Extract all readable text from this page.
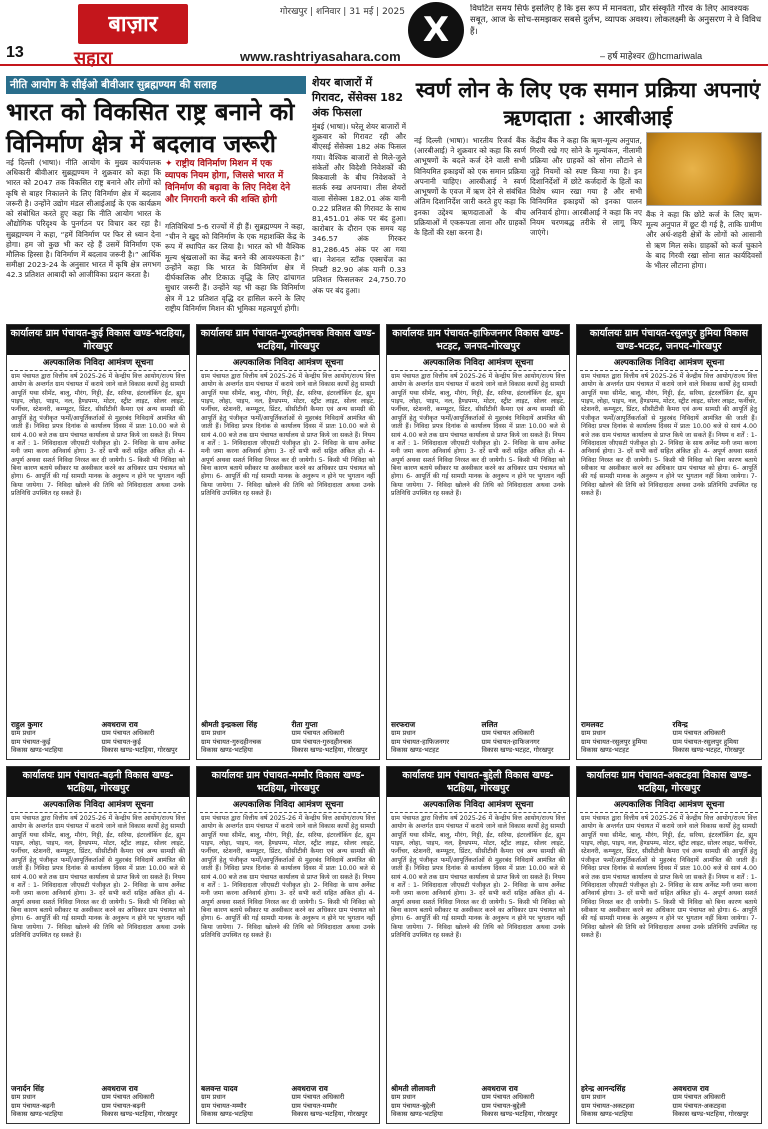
13
बाज़ार	गोरखपुर | शनिवार | 31 मई | 2025
सहारा	www.rashtriyasahara.com
X
विघटित समय सिर्फ इसलिए है कि इस रूप में मानवता, प्रौर संस्कृति गौरव के लिए आवश्यक सबूत, आज के सोच-समझकर सबसे दुर्लभ, व्यापक अवश्य। लोकलक्ष्मी के अनुसरण ने वे विविध हैं।
– हर्ष माहेश्वर @hcmariwala
नीति आयोग के सीईओ बीवीआर सुब्रह्मण्यम की सलाह
भारत को विकसित राष्ट्र बनाने को विनिर्माण क्षेत्र में बदलाव जरूरी
नई दिल्ली (भाषा)। नीति आयोग के मुख्य कार्यपालक अधिकारी बीवीआर सुब्रह्मण्यम ने शुक्रवार को कहा कि भारत को 2047 तक विकसित राष्ट्र बनाने और लोगों को कृषि से बाहर निकालने के लिए विनिर्माण क्षेत्र में बदलाव जरूरी है। उन्होंने उद्योग मंडल सीआईआई के एक कार्यक्रम को संबोधित करते हुए कहा कि नीति आयोग भारत के औद्योगिक परिदृश्य के पुनर्गठन पर विचार कर रहा है। सुब्रह्मण्यम ने कहा, “हमें विनिर्माण पर फिर से ध्यान देना होगा। हम जो कुछ भी कर रहे हैं उसमें विनिर्माण एक मौलिक हिस्सा है। विनिर्माण में बदलाव जरूरी है।” आर्थिक समीक्षा 2023-24 के अनुसार भारत में कृषि क्षेत्र लगभग 42.3 प्रतिशत आबादी को आजीविका प्रदान करता है।
✦ राष्ट्रीय विनिर्माण मिशन में एक व्यापक नियम होगा, जिससे भारत में विनिर्माण की बढ़ावा के लिए निदेश देने और निगरानी करने की शक्ति होगी
गतिविधियां 5-6 राज्यों में ही हैं। सुब्रह्मण्यम ने कहा, “चीन ने खुद को विनिर्माण के एक महाशक्ति केंद्र के रूप में स्थापित कर लिया है। भारत को भी वैश्विक मूल्य श्रृंखलाओं का केंद्र बनने की आवश्यकता है।” उन्होंने कहा कि भारत के विनिर्माण क्षेत्र में दीर्घकालिक और टिकाऊ वृद्धि के लिए ढांचागत सुधार जरूरी हैं। उन्होंने यह भी कहा कि विनिर्माण क्षेत्र में 12 प्रतिशत वृद्धि दर हासिल करने के लिए राष्ट्रीय विनिर्माण मिशन की भूमिका महत्वपूर्ण होगी।
शेयर बाजारों में गिरावट, सेंसेक्स 182 अंक फिसला
मुंबई (भाषा)। घरेलू शेयर बाजारों में शुक्रवार को गिरावट रही और बीएसई सेंसेक्स 182 अंक फिसल गया। वैश्विक बाजारों से मिले-जुले संकेतों और विदेशी निवेशकों की बिकवाली के बीच निवेशकों ने सतर्क रुख अपनाया। तीस शेयरों वाला सेंसेक्स 182.01 अंक यानी 0.22 प्रतिशत की गिरावट के साथ 81,451.01 अंक पर बंद हुआ। कारोबार के दौरान एक समय यह 346.57 अंक गिरकर 81,286.45 अंक पर आ गया था। नेशनल स्टॉक एक्सचेंज का निफ्टी 82.90 अंक यानी 0.33 प्रतिशत फिसलकर 24,750.70 अंक पर बंद हुआ।
स्वर्ण लोन के लिए एक समान प्रक्रिया अपनाएं ऋणदाता : आरबीआई
नई दिल्ली (भाषा)। भारतीय रिजर्व बैंक (आरबीआई) ने शुक्रवार को कहा कि स्वर्ण आभूषणों के बदले कर्ज देने वाली सभी विनियमित इकाइयों को एक समान प्रक्रिया अपनानी चाहिए। आरबीआई ने स्वर्ण आभूषणों के एवज में ऋण देने से संबंधित अंतिम दिशानिर्देश जारी करते हुए कहा कि इनका उद्देश्य ऋणदाताओं के बीच प्रक्रियाओं में एकरूपता लाना और ग्राहकों के हितों की रक्षा करना है।
केंद्रीय बैंक ने कहा कि ऋण-मूल्य अनुपात, गिरवी रखे गए सोने के मूल्यांकन, नीलामी प्रक्रिया और ग्राहकों को सोना लौटाने से जुड़े नियमों को स्पष्ट किया गया है। इन दिशानिर्देशों में छोटे कर्जदारों के हितों का विशेष ध्यान रखा गया है और सभी विनियमित इकाइयों को इनका पालन अनिवार्य होगा। आरबीआई ने कहा कि नए नियम चरणबद्ध तरीके से लागू किए जाएंगे।
बैंक ने कहा कि छोटे कर्ज के लिए ऋण-मूल्य अनुपात में छूट दी गई है, ताकि ग्रामीण और अर्ध-शहरी क्षेत्रों के लोगों को आसानी से ऋण मिल सके। ग्राहकों को कर्ज चुकाने के बाद गिरवी रखा सोना सात कार्यदिवसों के भीतर लौटाना होगा।
कार्यालयः ग्राम पंचायत-कुई विकास खण्ड-भटहिया, गोरखपुर
अल्पकालिक निविदा आमंत्रण सूचना
ग्राम पंचायत द्वारा वित्तीय वर्ष 2025-26 में केन्द्रीय वित्त आयोग/राज्य वित्त आयोग के अन्तर्गत ग्राम पंचायत में कराये जाने वाले विकास कार्यों हेतु सामग्री आपूर्ति यथा सीमेंट, बालू, मौरंग, गिट्टी, ईंट, सरिया, इंटरलॉकिंग ईंट, ह्यूम पाइप, लोहा, पाइप, नल, हैण्डपम्प, मोटर, स्ट्रीट लाइट, सोलर लाइट, फर्नीचर, स्टेशनरी, कम्प्यूटर, प्रिंटर, सीसीटीवी कैमरा एवं अन्य सामग्री की आपूर्ति हेतु पंजीकृत फर्मों/आपूर्तिकर्ताओं से मुहरबंद निविदायें आमंत्रित की जाती हैं। निविदा प्रपत्र दिनांक से कार्यालय दिवस में प्रातः 10.00 बजे से सायं 4.00 बजे तक ग्राम पंचायत कार्यालय से प्राप्त किये जा सकते हैं। नियम व शर्तें : 1- निविदादाता जीएसटी पंजीकृत हो। 2- निविदा के साथ अर्नेस्ट मनी जमा करना अनिवार्य होगा। 3- दरें सभी करों सहित अंकित हों। 4- अपूर्ण अथवा सशर्त निविदा निरस्त कर दी जायेगी। 5- किसी भी निविदा को बिना कारण बताये स्वीकार या अस्वीकार करने का अधिकार ग्राम पंचायत को होगा। 6- आपूर्ति की गई सामग्री मानक के अनुरूप न होने पर भुगतान नहीं किया जायेगा। 7- निविदा खोलने की तिथि को निविदादाता अथवा उनके प्रतिनिधि उपस्थित रह सकते हैं।
राहुल कुमार
ग्राम प्रधान
ग्राम पंचायत-कुई
विकास खण्ड-भटहिया
अवधराज राव
ग्राम पंचायत अधिकारी
ग्राम पंचायत-कुई
विकास खण्ड-भटहिया, गोरखपुर
कार्यालयः ग्राम पंचायत-गुरुदहीनचक विकास खण्ड-भटहिया, गोरखपुर
अल्पकालिक निविदा आमंत्रण सूचना
ग्राम पंचायत द्वारा वित्तीय वर्ष 2025-26 में केन्द्रीय वित्त आयोग/राज्य वित्त आयोग के अन्तर्गत ग्राम पंचायत में कराये जाने वाले विकास कार्यों हेतु सामग्री आपूर्ति यथा सीमेंट, बालू, मौरंग, गिट्टी, ईंट, सरिया, इंटरलॉकिंग ईंट, ह्यूम पाइप, लोहा, पाइप, नल, हैण्डपम्प, मोटर, स्ट्रीट लाइट, सोलर लाइट, फर्नीचर, स्टेशनरी, कम्प्यूटर, प्रिंटर, सीसीटीवी कैमरा एवं अन्य सामग्री की आपूर्ति हेतु पंजीकृत फर्मों/आपूर्तिकर्ताओं से मुहरबंद निविदायें आमंत्रित की जाती हैं। निविदा प्रपत्र दिनांक से कार्यालय दिवस में प्रातः 10.00 बजे से सायं 4.00 बजे तक ग्राम पंचायत कार्यालय से प्राप्त किये जा सकते हैं। नियम व शर्तें : 1- निविदादाता जीएसटी पंजीकृत हो। 2- निविदा के साथ अर्नेस्ट मनी जमा करना अनिवार्य होगा। 3- दरें सभी करों सहित अंकित हों। 4- अपूर्ण अथवा सशर्त निविदा निरस्त कर दी जायेगी। 5- किसी भी निविदा को बिना कारण बताये स्वीकार या अस्वीकार करने का अधिकार ग्राम पंचायत को होगा। 6- आपूर्ति की गई सामग्री मानक के अनुरूप न होने पर भुगतान नहीं किया जायेगा। 7- निविदा खोलने की तिथि को निविदादाता अथवा उनके प्रतिनिधि उपस्थित रह सकते हैं।
श्रीमती इन्द्रकला सिंह
ग्राम प्रधान
ग्राम पंचायत-गुरुदहीनचक
विकास खण्ड-भटहिया
रीता गुप्ता
ग्राम पंचायत अधिकारी
ग्राम पंचायत-गुरुदहीनचक
विकास खण्ड-भटहिया, गोरखपुर
कार्यालयः ग्राम पंचायत-हाफिजनगर विकास खण्ड-भटहट, जनपद-गोरखपुर
अल्पकालिक निविदा आमंत्रण सूचना
ग्राम पंचायत द्वारा वित्तीय वर्ष 2025-26 में केन्द्रीय वित्त आयोग/राज्य वित्त आयोग के अन्तर्गत ग्राम पंचायत में कराये जाने वाले विकास कार्यों हेतु सामग्री आपूर्ति यथा सीमेंट, बालू, मौरंग, गिट्टी, ईंट, सरिया, इंटरलॉकिंग ईंट, ह्यूम पाइप, लोहा, पाइप, नल, हैण्डपम्प, मोटर, स्ट्रीट लाइट, सोलर लाइट, फर्नीचर, स्टेशनरी, कम्प्यूटर, प्रिंटर, सीसीटीवी कैमरा एवं अन्य सामग्री की आपूर्ति हेतु पंजीकृत फर्मों/आपूर्तिकर्ताओं से मुहरबंद निविदायें आमंत्रित की जाती हैं। निविदा प्रपत्र दिनांक से कार्यालय दिवस में प्रातः 10.00 बजे से सायं 4.00 बजे तक ग्राम पंचायत कार्यालय से प्राप्त किये जा सकते हैं। नियम व शर्तें : 1- निविदादाता जीएसटी पंजीकृत हो। 2- निविदा के साथ अर्नेस्ट मनी जमा करना अनिवार्य होगा। 3- दरें सभी करों सहित अंकित हों। 4- अपूर्ण अथवा सशर्त निविदा निरस्त कर दी जायेगी। 5- किसी भी निविदा को बिना कारण बताये स्वीकार या अस्वीकार करने का अधिकार ग्राम पंचायत को होगा। 6- आपूर्ति की गई सामग्री मानक के अनुरूप न होने पर भुगतान नहीं किया जायेगा। 7- निविदा खोलने की तिथि को निविदादाता अथवा उनके प्रतिनिधि उपस्थित रह सकते हैं।
सरफराज
ग्राम प्रधान
ग्राम पंचायत-हाफिजनगर
विकास खण्ड-भटहट
ललित
ग्राम पंचायत अधिकारी
ग्राम पंचायत-हाफिजनगर
विकास खण्ड-भटहट, गोरखपुर
कार्यालयः ग्राम पंचायत-रसुलपुर हुमिया विकास खण्ड-भटहट, जनपद-गोरखपुर
अल्पकालिक निविदा आमंत्रण सूचना
ग्राम पंचायत द्वारा वित्तीय वर्ष 2025-26 में केन्द्रीय वित्त आयोग/राज्य वित्त आयोग के अन्तर्गत ग्राम पंचायत में कराये जाने वाले विकास कार्यों हेतु सामग्री आपूर्ति यथा सीमेंट, बालू, मौरंग, गिट्टी, ईंट, सरिया, इंटरलॉकिंग ईंट, ह्यूम पाइप, लोहा, पाइप, नल, हैण्डपम्प, मोटर, स्ट्रीट लाइट, सोलर लाइट, फर्नीचर, स्टेशनरी, कम्प्यूटर, प्रिंटर, सीसीटीवी कैमरा एवं अन्य सामग्री की आपूर्ति हेतु पंजीकृत फर्मों/आपूर्तिकर्ताओं से मुहरबंद निविदायें आमंत्रित की जाती हैं। निविदा प्रपत्र दिनांक से कार्यालय दिवस में प्रातः 10.00 बजे से सायं 4.00 बजे तक ग्राम पंचायत कार्यालय से प्राप्त किये जा सकते हैं। नियम व शर्तें : 1- निविदादाता जीएसटी पंजीकृत हो। 2- निविदा के साथ अर्नेस्ट मनी जमा करना अनिवार्य होगा। 3- दरें सभी करों सहित अंकित हों। 4- अपूर्ण अथवा सशर्त निविदा निरस्त कर दी जायेगी। 5- किसी भी निविदा को बिना कारण बताये स्वीकार या अस्वीकार करने का अधिकार ग्राम पंचायत को होगा। 6- आपूर्ति की गई सामग्री मानक के अनुरूप न होने पर भुगतान नहीं किया जायेगा। 7- निविदा खोलने की तिथि को निविदादाता अथवा उनके प्रतिनिधि उपस्थित रह सकते हैं।
रामलवट
ग्राम प्रधान
ग्राम पंचायत-रसुलपुर हुमिया
विकास खण्ड-भटहट
रविन्द्र
ग्राम पंचायत अधिकारी
ग्राम पंचायत-रसुलपुर हुमिया
विकास खण्ड-भटहट, गोरखपुर
कार्यालयः ग्राम पंचायत-बढ़नी विकास खण्ड-भटहिया, गोरखपुर
अल्पकालिक निविदा आमंत्रण सूचना
ग्राम पंचायत द्वारा वित्तीय वर्ष 2025-26 में केन्द्रीय वित्त आयोग/राज्य वित्त आयोग के अन्तर्गत ग्राम पंचायत में कराये जाने वाले विकास कार्यों हेतु सामग्री आपूर्ति यथा सीमेंट, बालू, मौरंग, गिट्टी, ईंट, सरिया, इंटरलॉकिंग ईंट, ह्यूम पाइप, लोहा, पाइप, नल, हैण्डपम्प, मोटर, स्ट्रीट लाइट, सोलर लाइट, फर्नीचर, स्टेशनरी, कम्प्यूटर, प्रिंटर, सीसीटीवी कैमरा एवं अन्य सामग्री की आपूर्ति हेतु पंजीकृत फर्मों/आपूर्तिकर्ताओं से मुहरबंद निविदायें आमंत्रित की जाती हैं। निविदा प्रपत्र दिनांक से कार्यालय दिवस में प्रातः 10.00 बजे से सायं 4.00 बजे तक ग्राम पंचायत कार्यालय से प्राप्त किये जा सकते हैं। नियम व शर्तें : 1- निविदादाता जीएसटी पंजीकृत हो। 2- निविदा के साथ अर्नेस्ट मनी जमा करना अनिवार्य होगा। 3- दरें सभी करों सहित अंकित हों। 4- अपूर्ण अथवा सशर्त निविदा निरस्त कर दी जायेगी। 5- किसी भी निविदा को बिना कारण बताये स्वीकार या अस्वीकार करने का अधिकार ग्राम पंचायत को होगा। 6- आपूर्ति की गई सामग्री मानक के अनुरूप न होने पर भुगतान नहीं किया जायेगा। 7- निविदा खोलने की तिथि को निविदादाता अथवा उनके प्रतिनिधि उपस्थित रह सकते हैं।
जनार्दन सिंह
ग्राम प्रधान
ग्राम पंचायत-बढ़नी
विकास खण्ड-भटहिया
अवधराज राव
ग्राम पंचायत अधिकारी
ग्राम पंचायत-बढ़नी
विकास खण्ड-भटहिया, गोरखपुर
कार्यालयः ग्राम पंचायत-मम्मौर विकास खण्ड-भटहिया, गोरखपुर
अल्पकालिक निविदा आमंत्रण सूचना
ग्राम पंचायत द्वारा वित्तीय वर्ष 2025-26 में केन्द्रीय वित्त आयोग/राज्य वित्त आयोग के अन्तर्गत ग्राम पंचायत में कराये जाने वाले विकास कार्यों हेतु सामग्री आपूर्ति यथा सीमेंट, बालू, मौरंग, गिट्टी, ईंट, सरिया, इंटरलॉकिंग ईंट, ह्यूम पाइप, लोहा, पाइप, नल, हैण्डपम्प, मोटर, स्ट्रीट लाइट, सोलर लाइट, फर्नीचर, स्टेशनरी, कम्प्यूटर, प्रिंटर, सीसीटीवी कैमरा एवं अन्य सामग्री की आपूर्ति हेतु पंजीकृत फर्मों/आपूर्तिकर्ताओं से मुहरबंद निविदायें आमंत्रित की जाती हैं। निविदा प्रपत्र दिनांक से कार्यालय दिवस में प्रातः 10.00 बजे से सायं 4.00 बजे तक ग्राम पंचायत कार्यालय से प्राप्त किये जा सकते हैं। नियम व शर्तें : 1- निविदादाता जीएसटी पंजीकृत हो। 2- निविदा के साथ अर्नेस्ट मनी जमा करना अनिवार्य होगा। 3- दरें सभी करों सहित अंकित हों। 4- अपूर्ण अथवा सशर्त निविदा निरस्त कर दी जायेगी। 5- किसी भी निविदा को बिना कारण बताये स्वीकार या अस्वीकार करने का अधिकार ग्राम पंचायत को होगा। 6- आपूर्ति की गई सामग्री मानक के अनुरूप न होने पर भुगतान नहीं किया जायेगा। 7- निविदा खोलने की तिथि को निविदादाता अथवा उनके प्रतिनिधि उपस्थित रह सकते हैं।
बलवन्त यादव
ग्राम प्रधान
ग्राम पंचायत-मम्मौर
विकास खण्ड-भटहिया
अवधराज राव
ग्राम पंचायत अधिकारी
ग्राम पंचायत-मम्मौर
विकास खण्ड-भटहिया, गोरखपुर
कार्यालयः ग्राम पंचायत-बुद्देली विकास खण्ड-भटहिया, गोरखपुर
अल्पकालिक निविदा आमंत्रण सूचना
ग्राम पंचायत द्वारा वित्तीय वर्ष 2025-26 में केन्द्रीय वित्त आयोग/राज्य वित्त आयोग के अन्तर्गत ग्राम पंचायत में कराये जाने वाले विकास कार्यों हेतु सामग्री आपूर्ति यथा सीमेंट, बालू, मौरंग, गिट्टी, ईंट, सरिया, इंटरलॉकिंग ईंट, ह्यूम पाइप, लोहा, पाइप, नल, हैण्डपम्प, मोटर, स्ट्रीट लाइट, सोलर लाइट, फर्नीचर, स्टेशनरी, कम्प्यूटर, प्रिंटर, सीसीटीवी कैमरा एवं अन्य सामग्री की आपूर्ति हेतु पंजीकृत फर्मों/आपूर्तिकर्ताओं से मुहरबंद निविदायें आमंत्रित की जाती हैं। निविदा प्रपत्र दिनांक से कार्यालय दिवस में प्रातः 10.00 बजे से सायं 4.00 बजे तक ग्राम पंचायत कार्यालय से प्राप्त किये जा सकते हैं। नियम व शर्तें : 1- निविदादाता जीएसटी पंजीकृत हो। 2- निविदा के साथ अर्नेस्ट मनी जमा करना अनिवार्य होगा। 3- दरें सभी करों सहित अंकित हों। 4- अपूर्ण अथवा सशर्त निविदा निरस्त कर दी जायेगी। 5- किसी भी निविदा को बिना कारण बताये स्वीकार या अस्वीकार करने का अधिकार ग्राम पंचायत को होगा। 6- आपूर्ति की गई सामग्री मानक के अनुरूप न होने पर भुगतान नहीं किया जायेगा। 7- निविदा खोलने की तिथि को निविदादाता अथवा उनके प्रतिनिधि उपस्थित रह सकते हैं।
श्रीमती लीलावती
ग्राम प्रधान
ग्राम पंचायत-बुद्देली
विकास खण्ड-भटहिया
अवधराज राव
ग्राम पंचायत अधिकारी
ग्राम पंचायत-बुद्देली
विकास खण्ड-भटहिया, गोरखपुर
कार्यालयः ग्राम पंचायत-अकटहवा विकास खण्ड-भटहिया, गोरखपुर
अल्पकालिक निविदा आमंत्रण सूचना
ग्राम पंचायत द्वारा वित्तीय वर्ष 2025-26 में केन्द्रीय वित्त आयोग/राज्य वित्त आयोग के अन्तर्गत ग्राम पंचायत में कराये जाने वाले विकास कार्यों हेतु सामग्री आपूर्ति यथा सीमेंट, बालू, मौरंग, गिट्टी, ईंट, सरिया, इंटरलॉकिंग ईंट, ह्यूम पाइप, लोहा, पाइप, नल, हैण्डपम्प, मोटर, स्ट्रीट लाइट, सोलर लाइट, फर्नीचर, स्टेशनरी, कम्प्यूटर, प्रिंटर, सीसीटीवी कैमरा एवं अन्य सामग्री की आपूर्ति हेतु पंजीकृत फर्मों/आपूर्तिकर्ताओं से मुहरबंद निविदायें आमंत्रित की जाती हैं। निविदा प्रपत्र दिनांक से कार्यालय दिवस में प्रातः 10.00 बजे से सायं 4.00 बजे तक ग्राम पंचायत कार्यालय से प्राप्त किये जा सकते हैं। नियम व शर्तें : 1- निविदादाता जीएसटी पंजीकृत हो। 2- निविदा के साथ अर्नेस्ट मनी जमा करना अनिवार्य होगा। 3- दरें सभी करों सहित अंकित हों। 4- अपूर्ण अथवा सशर्त निविदा निरस्त कर दी जायेगी। 5- किसी भी निविदा को बिना कारण बताये स्वीकार या अस्वीकार करने का अधिकार ग्राम पंचायत को होगा। 6- आपूर्ति की गई सामग्री मानक के अनुरूप न होने पर भुगतान नहीं किया जायेगा। 7- निविदा खोलने की तिथि को निविदादाता अथवा उनके प्रतिनिधि उपस्थित रह सकते हैं।
हरेन्द्र आनन्दसिंह
ग्राम प्रधान
ग्राम पंचायत-अकटहवा
विकास खण्ड-भटहिया
अवधराज राव
ग्राम पंचायत अधिकारी
ग्राम पंचायत-अकटहवा
विकास खण्ड-भटहिया, गोरखपुर
